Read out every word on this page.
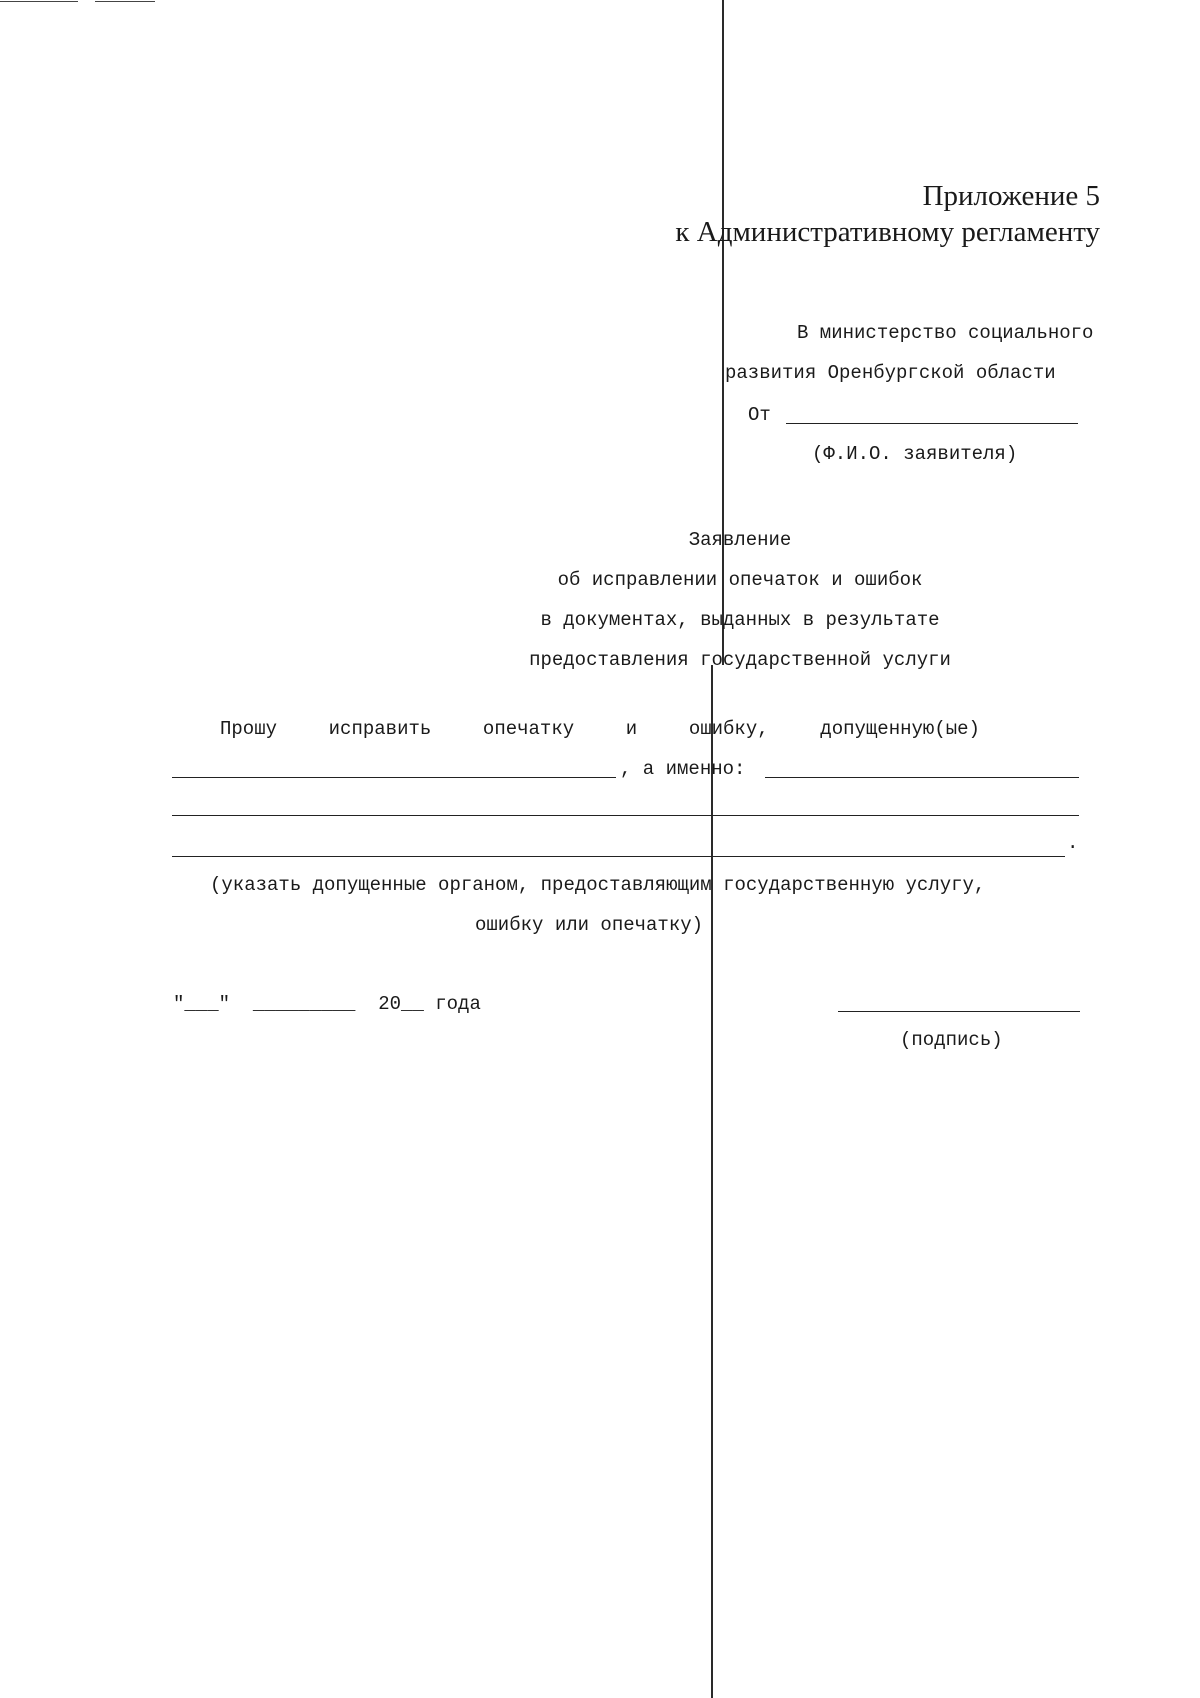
Приложение 5
к Административному регламенту
В министерство социального
развития Оренбургской области
От
(Ф.И.О. заявителя)
Заявление
об исправлении опечаток и ошибок
в документах, выданных в результате
предоставления государственной услуги
Прошу	исправить	опечатку	и	ошибку,	допущенную(ые)
, а именно:
.
(указать допущенные органом, предоставляющим государственную услугу,
ошибку или опечатку)
"___"  _________  20__ года
(подпись)
